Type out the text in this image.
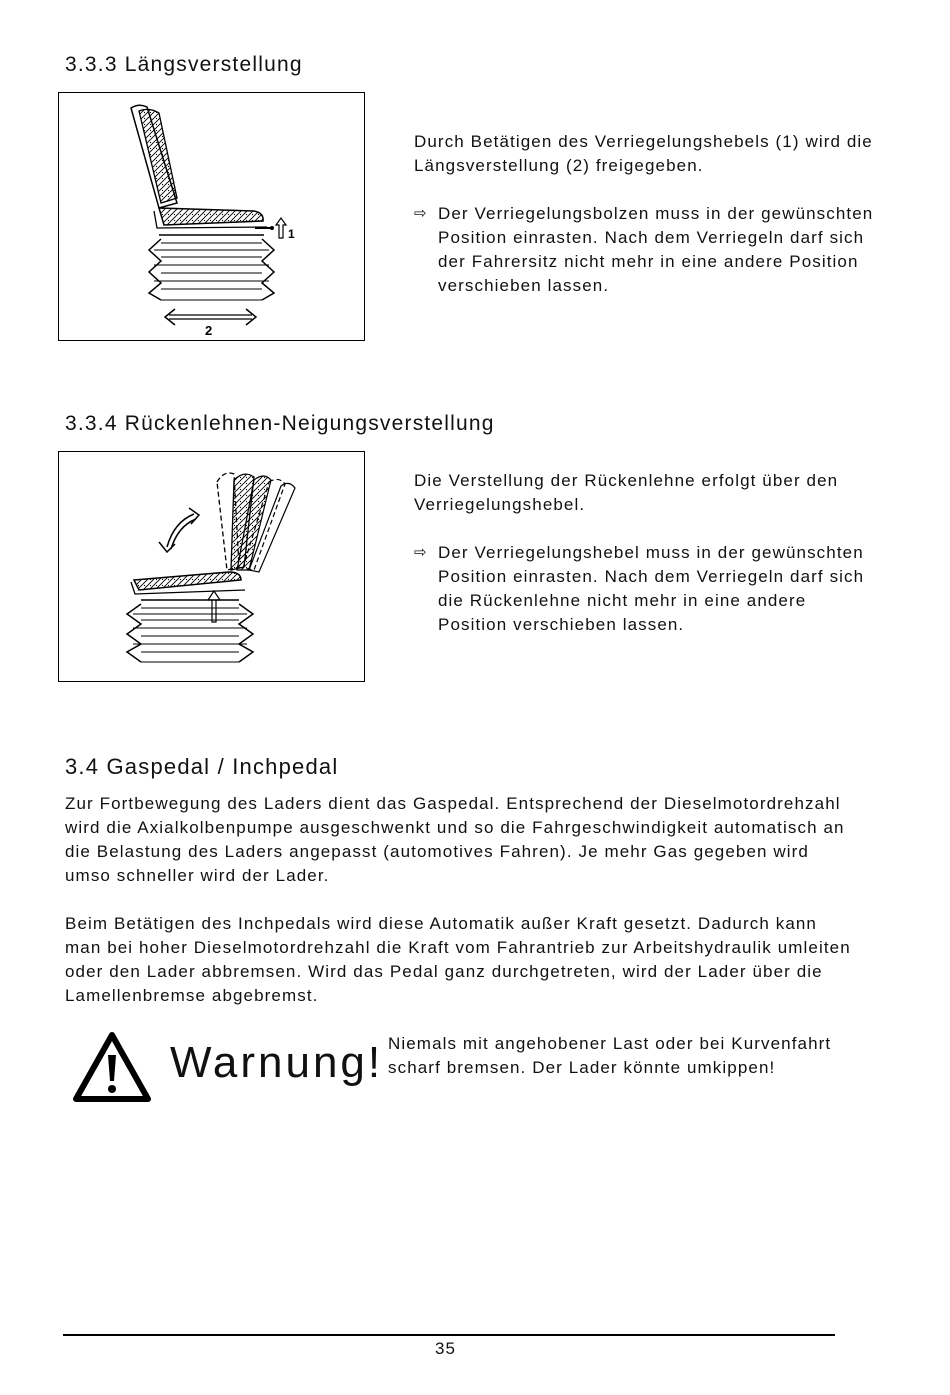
3.3.3 Längsverstellung
1
2

Durch Betätigen des Verriegelungshebels (1) wird die Längsverstellung (2) freigegeben.

⇨ Der Verriegelungsbolzen muss in der gewünschten Position einrasten. Nach dem Verriegeln darf sich der Fahrersitz nicht mehr in eine andere Position verschieben lassen.
3.3.4 Rückenlehnen-Neigungsverstellung

Die Verstellung der Rückenlehne erfolgt über den Verriegelungshebel.

⇨ Der Verriegelungshebel muss in der gewünschten Position einrasten. Nach dem Verriegeln darf sich die Rückenlehne nicht mehr in eine andere Position verschieben lassen.
3.4 Gaspedal / Inchpedal

Zur Fortbewegung des Laders dient das Gaspedal. Entsprechend der Dieselmotordrehzahl wird die Axialkolbenpumpe ausgeschwenkt und so die Fahrgeschwindigkeit automatisch an die Belastung des Laders angepasst (automotives Fahren). Je mehr Gas gegeben wird umso schneller wird der Lader.

Beim Betätigen des Inchpedals wird diese Automatik außer Kraft gesetzt. Dadurch kann man bei hoher Dieselmotordrehzahl die Kraft vom Fahrantrieb zur Arbeitshydraulik umleiten oder den Lader abbremsen. Wird das Pedal ganz durchgetreten, wird der Lader über die Lamellenbremse abgebremst.

Warnung! Niemals mit angehobener Last oder bei Kurvenfahrt scharf bremsen. Der Lader könnte umkippen!
35
